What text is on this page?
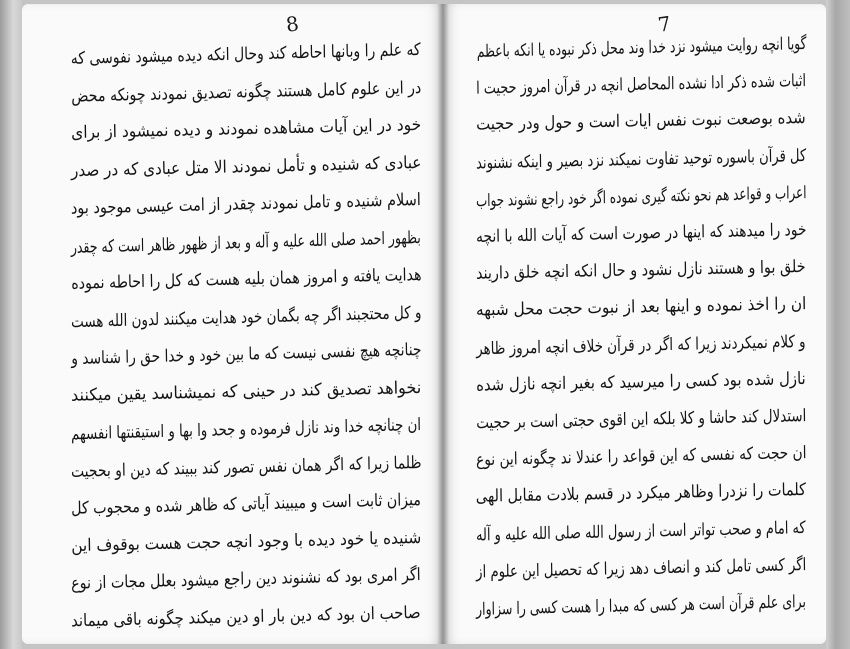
که علم را وبانها احاطه کند وحال انکه دیده میشود نفوسی که
در این علوم کامل هستند چگونه تصدیق نمودند چونکه محض
خود در این آیات مشاهده نمودند و دیده نمیشود از برای
عبادی که شنیده و تأمل نمودند الا متل عبادی که در صدر
اسلام شنیده و تامل نمودند چقدر از امت عیسی موجود بود
بظهور احمد صلی الله علیه و آله و بعد از ظهور ظاهر است که چقدر
هدایت یافته و امروز همان بلیه هست که کل را احاطه نموده
و کل محتجبند اگر چه بگمان خود هدایت میکنند لدون الله هست
چنانچه هیچ نفسی نیست که ما بین خود و خدا حق را شناسد و
نخواهد تصدیق کند در حینی که نمیشناسد یقین میکنند
ان چنانچه خدا وند نازل فرموده و جحد وا بها و استیقنتها انفسهم
ظلما زیرا که اگر همان نفس تصور کند ببیند که دین او بحجیت
میزان ثابت است و میبیند آیاتی که ظاهر شده و محجوب کل
شنیده یا خود دیده با وجود انچه حجت هست بوقوف این
اگر امری بود که نشنوند دین راجع میشود بعلل مجات از نوع
صاحب ان بود که دین بار او دین میکند چگونه باقی میماند
گویا انچه روایت میشود نزد خدا وند محل ذکر نبوده یا انکه باعظم
اثبات شده ذکر ادا نشده المحاصل انچه در قرآن امروز حجیت ا
شده بوصعت نبوت نفس ایات است و حول ودر حجیت
کل قرآن باسوره توحید تفاوت نمیکند نزد بصیر و اینکه نشنوند
اعراب و قواعد هم نحو نکته گیری نموده اگر خود راجع نشوند جواب
خود را میدهند که اینها در صورت است که آیات الله با انچه
خلق بوا و هستند نازل نشود و حال انکه انچه خلق داریند
ان را اخذ نموده و اینها بعد از نبوت حجت محل شبهه
و کلام نمیکردند زیرا که اگر در قرآن خلاف انچه امروز ظاهر
نازل شده بود کسی را میرسید که بغیر انچه نازل شده
استدلال کند حاشا و کلا بلکه این اقوی حجتی است بر حجیت
ان حجت که نفسی که این قواعد را عندلا ند چگونه این نوع
کلمات را نزدرا وظاهر میکرد در قسم بلادت مقابل الهی
که امام و صحب تواتر است از رسول الله صلی الله علیه و آله
اگر کسی تامل کند و انصاف دهد زیرا که تحصیل این علوم از
برای علم قرآن است هر کسی که مبدا را هست کسی را سزاوار
8	7
